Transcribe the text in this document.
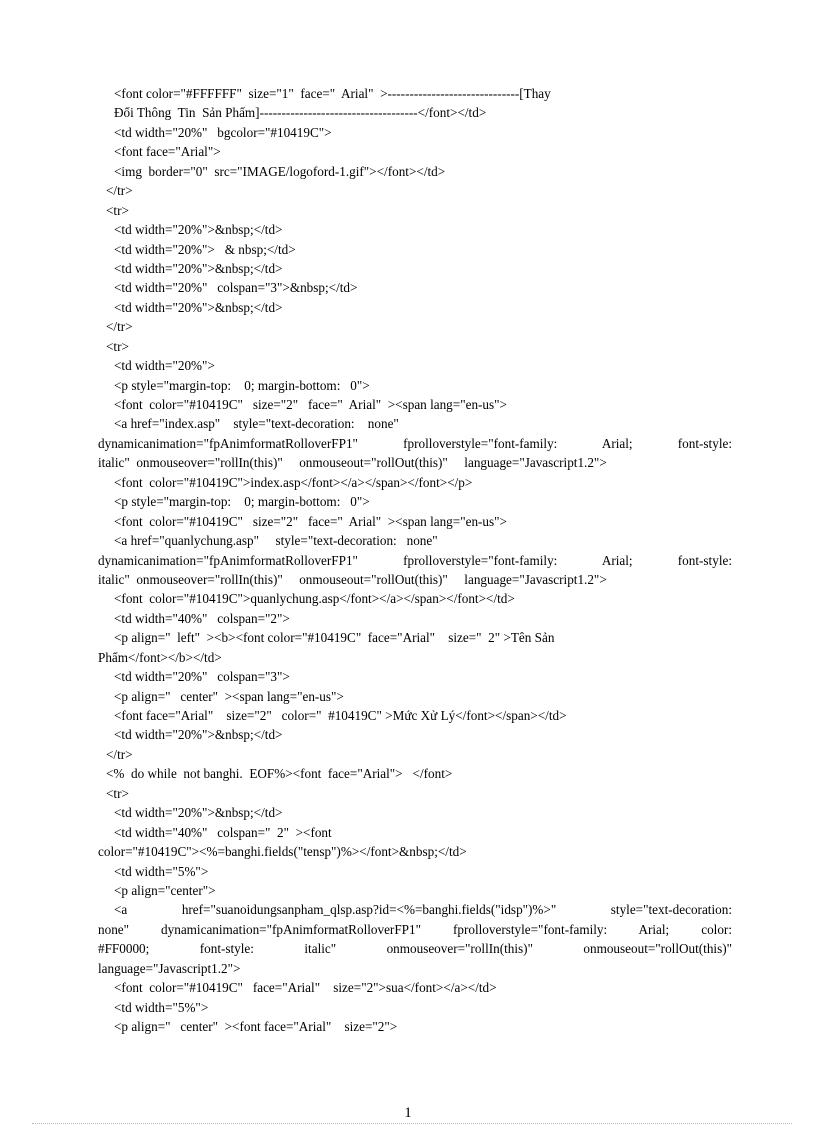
<font color="#FFFFFF"  size="1"  face="  Arial"  >------------------------------[Thay
Đổi Thông  Tin  Sản Phẩm]------------------------------------</font></td>
<td width="20%"   bgcolor="#10419C">
<font face="Arial">
<img  border="0"  src="IMAGE/logoford-1.gif"></font></td>
</tr>
<tr>
<td width="20%">&nbsp;</td>
<td width="20%">   & nbsp;</td>
<td width="20%">&nbsp;</td>
<td width="20%"   colspan="3">&nbsp;</td>
<td width="20%">&nbsp;</td>
</tr>
<tr>
<td width="20%">
<p style="margin-top:    0; margin-bottom:   0">
<font  color="#10419C"   size="2"   face="  Arial"  ><span lang="en-us">
<a href="index.asp"    style="text-decoration:    none"
dynamicanimation="fpAnimformatRolloverFP1" fprolloverstyle="font-family: Arial; font-style:
italic"  onmouseover="rollIn(this)"     onmouseout="rollOut(this)"     language="Javascript1.2">
<font  color="#10419C">index.asp</font></a></span></font></p>
<p style="margin-top:    0; margin-bottom:   0">
<font  color="#10419C"   size="2"   face="  Arial"  ><span lang="en-us">
<a href="quanlychung.asp"     style="text-decoration:   none"
dynamicanimation="fpAnimformatRolloverFP1" fprolloverstyle="font-family: Arial; font-style:
italic"  onmouseover="rollIn(this)"     onmouseout="rollOut(this)"     language="Javascript1.2">
<font  color="#10419C">quanlychung.asp</font></a></span></font></td>
<td width="40%"   colspan="2">
<p align="  left"  ><b><font color="#10419C"  face="Arial"    size="  2" >Tên Sản
Phẩm</font></b></td>
<td width="20%"   colspan="3">
<p align="   center"  ><span lang="en-us">
<font face="Arial"    size="2"   color="  #10419C" >Mức Xử Lý</font></span></td>
<td width="20%">&nbsp;</td>
</tr>
<%  do while  not banghi.  EOF%><font  face="Arial">   </font>
<tr>
<td width="20%">&nbsp;</td>
<td width="40%"   colspan="  2"  ><font
color="#10419C"><%=banghi.fields("tensp")%></font>&nbsp;</td>
<td width="5%">
<p align="center">
<a href="suanoidungsanpham_qlsp.asp?id=<%=banghi.fields("idsp")%>" style="text-decoration:
none" dynamicanimation="fpAnimformatRolloverFP1" fprolloverstyle="font-family: Arial; color:
#FF0000; font-style: italic" onmouseover="rollIn(this)" onmouseout="rollOut(this)"
language="Javascript1.2">
<font  color="#10419C"   face="Arial"    size="2">sua</font></a></td>
<td width="5%">
<p align="   center"  ><font face="Arial"    size="2">
1
